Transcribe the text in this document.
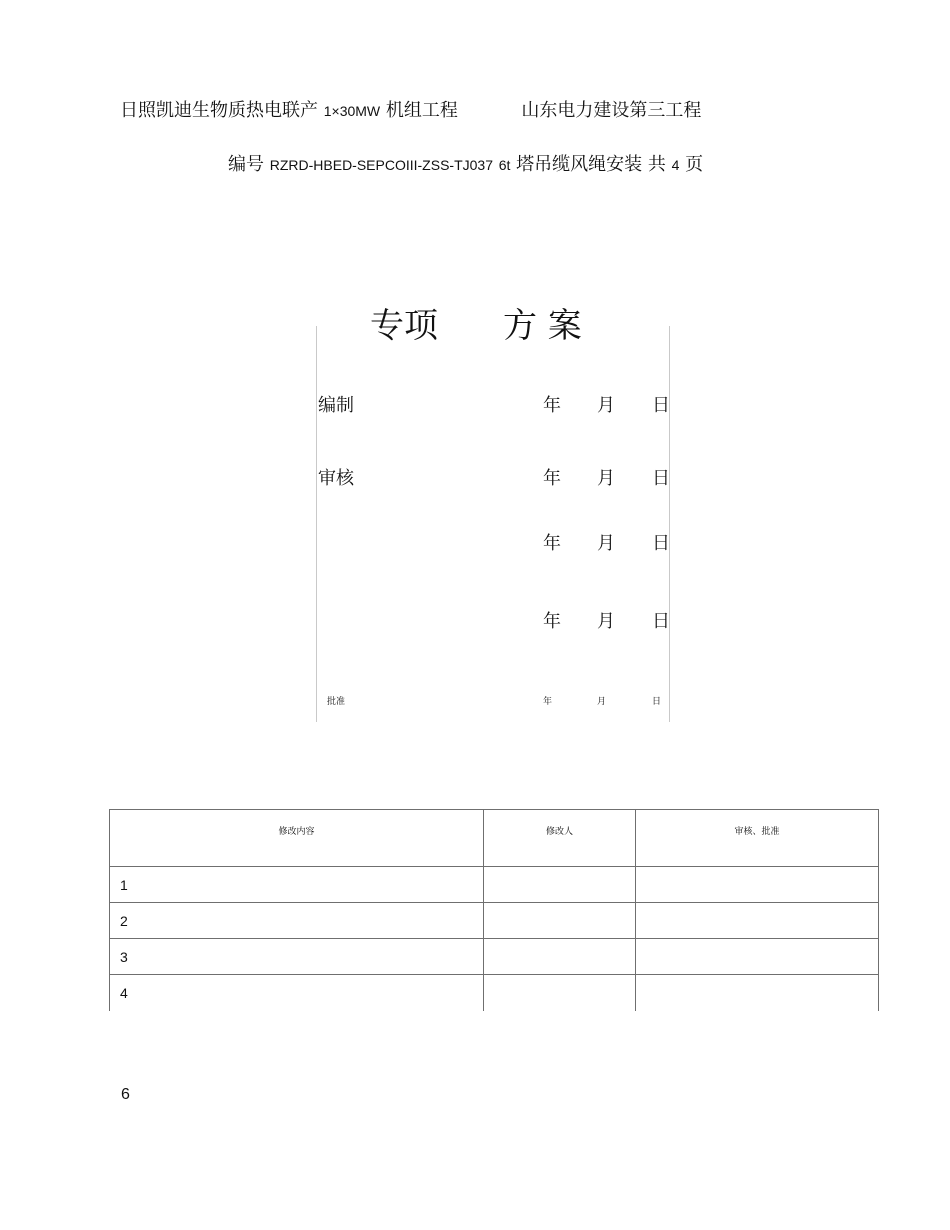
日照凯迪生物质热电联产 1×30MW 机组工程	山东电力建设第三工程
编号 RZRD-HBED-SEPCOIII-ZSS-TJ037 6t 塔吊缆风绳安装 共 4 页
专项 方 案
编制	年 月 日
审核	年 月 日
年 月 日
年 月 日
批准	年	月	日
修改内容	修改人	审核、批准
1		
2		
3		
4		
6
